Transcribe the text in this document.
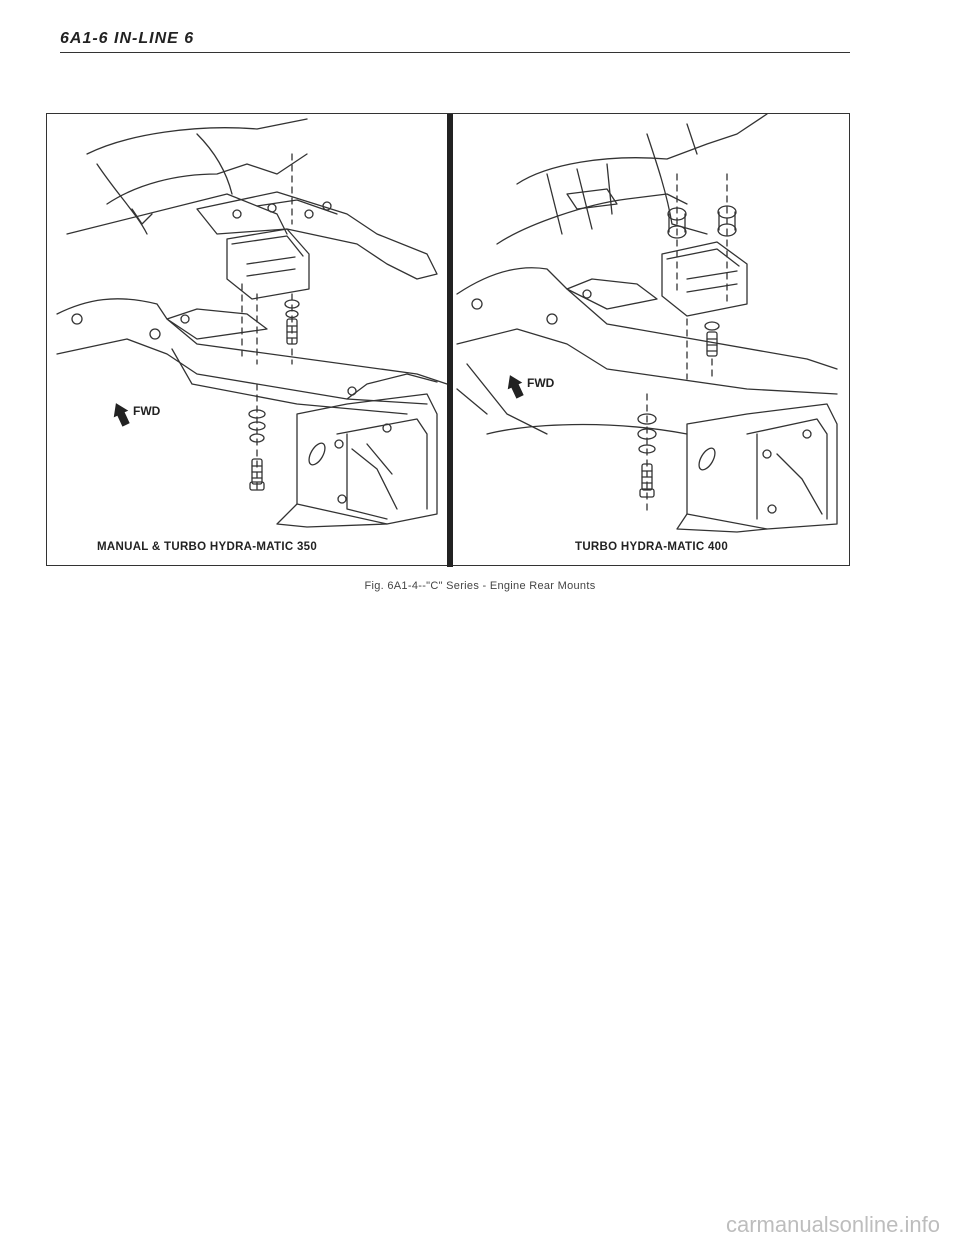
6A1-6 IN-LINE 6
FWD
FWD
MANUAL & TURBO HYDRA-MATIC 350	TURBO HYDRA-MATIC 400
Fig. 6A1-4--"C" Series - Engine Rear Mounts
carmanualsonline.info
